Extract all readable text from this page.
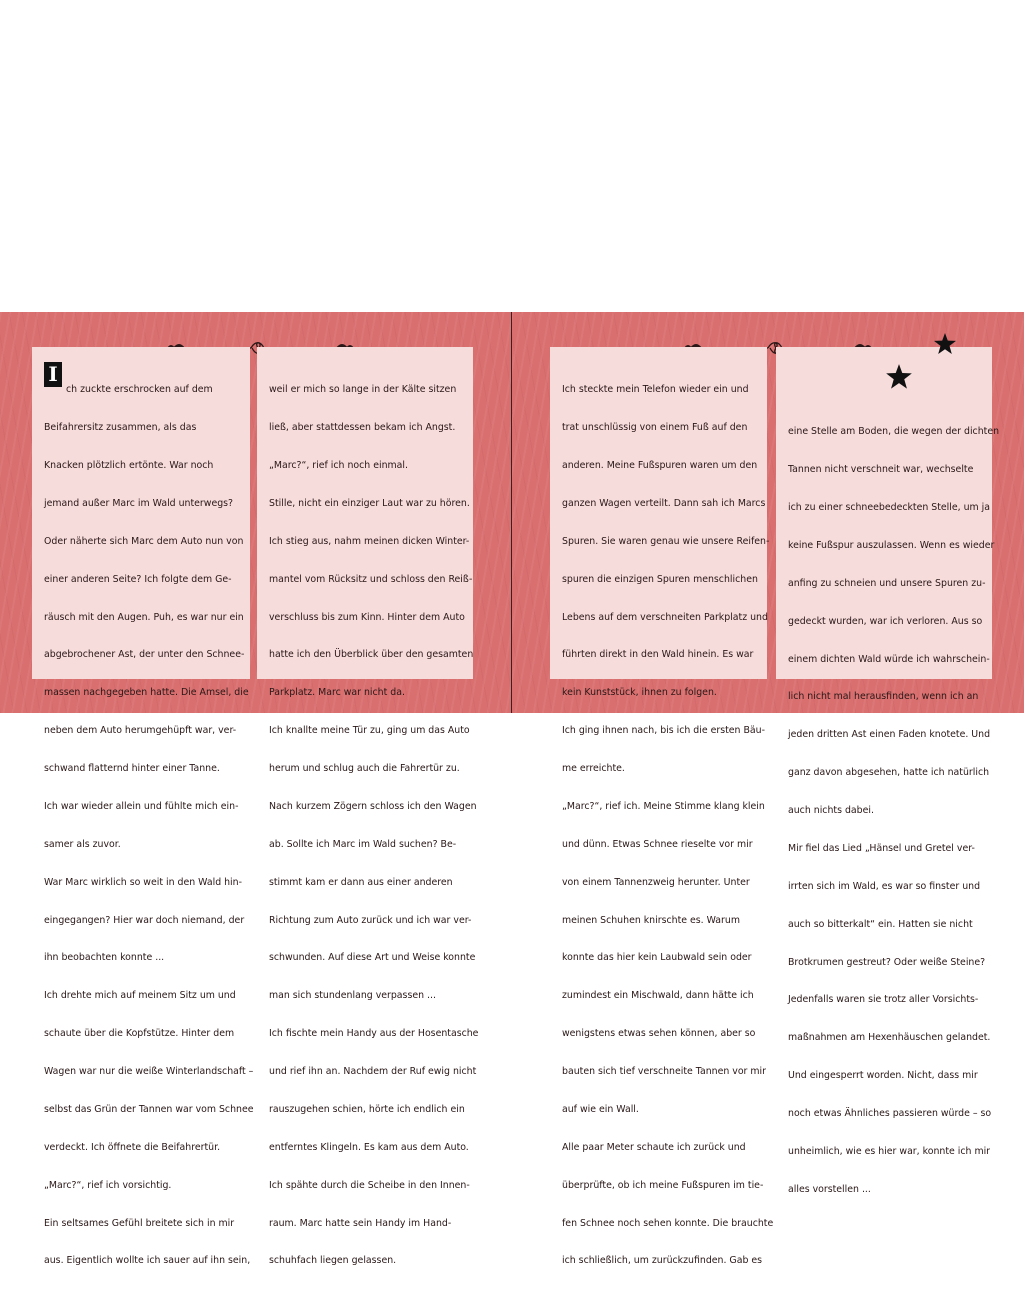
I

ch zuckte erschrocken auf dem

Beifahrersitz zusammen, als das

Knacken plötzlich ertönte. War noch

jemand außer Marc im Wald unterwegs?

Oder näherte sich Marc dem Auto nun von

einer anderen Seite? Ich folgte dem Ge-

räusch mit den Augen. Puh, es war nur ein

abgebrochener Ast, der unter den Schnee-

massen nachgegeben hatte. Die Amsel, die

neben dem Auto herumgehüpft war, ver-

schwand flatternd hinter einer Tanne.

Ich war wieder allein und fühlte mich ein-

samer als zuvor.

War Marc wirklich so weit in den Wald hin-

eingegangen? Hier war doch niemand, der

ihn beobachten konnte ...

Ich drehte mich auf meinem Sitz um und

schaute über die Kopfstütze. Hinter dem

Wagen war nur die weiße Winterlandschaft –

selbst das Grün der Tannen war vom Schnee

verdeckt. Ich öffnete die Beifahrertür.

„Marc?“, rief ich vorsichtig.

Ein seltsames Gefühl breitete sich in mir

aus. Eigentlich wollte ich sauer auf ihn sein,

weil er mich so lange in der Kälte sitzen

ließ, aber stattdessen bekam ich Angst.

„Marc?“, rief ich noch einmal.

Stille, nicht ein einziger Laut war zu hören.

Ich stieg aus, nahm meinen dicken Winter-

mantel vom Rücksitz und schloss den Reiß-

verschluss bis zum Kinn. Hinter dem Auto

hatte ich den Überblick über den gesamten

Parkplatz. Marc war nicht da.

Ich knallte meine Tür zu, ging um das Auto

herum und schlug auch die Fahrertür zu.

Nach kurzem Zögern schloss ich den Wagen

ab. Sollte ich Marc im Wald suchen? Be-

stimmt kam er dann aus einer anderen

Richtung zum Auto zurück und ich war ver-

schwunden. Auf diese Art und Weise konnte

man sich stundenlang verpassen ...

Ich fischte mein Handy aus der Hosentasche

und rief ihn an. Nachdem der Ruf ewig nicht

rauszugehen schien, hörte ich endlich ein

entferntes Klingeln. Es kam aus dem Auto.

Ich spähte durch die Scheibe in den Innen-

raum. Marc hatte sein Handy im Hand-

schuhfach liegen gelassen.

Ich steckte mein Telefon wieder ein und

trat unschlüssig von einem Fuß auf den

anderen. Meine Fußspuren waren um den

ganzen Wagen verteilt. Dann sah ich Marcs

Spuren. Sie waren genau wie unsere Reifen-

spuren die einzigen Spuren menschlichen

Lebens auf dem verschneiten Parkplatz und

führten direkt in den Wald hinein. Es war

kein Kunststück, ihnen zu folgen.

Ich ging ihnen nach, bis ich die ersten Bäu-

me erreichte.

„Marc?“, rief ich. Meine Stimme klang klein

und dünn. Etwas Schnee rieselte vor mir

von einem Tannenzweig herunter. Unter

meinen Schuhen knirschte es. Warum

konnte das hier kein Laubwald sein oder

zumindest ein Mischwald, dann hätte ich

wenigstens etwas sehen können, aber so

bauten sich tief verschneite Tannen vor mir

auf wie ein Wall.

Alle paar Meter schaute ich zurück und

überprüfte, ob ich meine Fußspuren im tie-

fen Schnee noch sehen konnte. Die brauchte

ich schließlich, um zurückzufinden. Gab es

eine Stelle am Boden, die wegen der dichten

Tannen nicht verschneit war, wechselte

ich zu einer schneebedeckten Stelle, um ja

keine Fußspur auszulassen. Wenn es wieder

anfing zu schneien und unsere Spuren zu-

gedeckt wurden, war ich verloren. Aus so

einem dichten Wald würde ich wahrschein-

lich nicht mal herausfinden, wenn ich an

jeden dritten Ast einen Faden knotete. Und

ganz davon abgesehen, hatte ich natürlich

auch nichts dabei.

Mir fiel das Lied „Hänsel und Gretel ver-

irrten sich im Wald, es war so finster und

auch so bitterkalt“ ein. Hatten sie nicht

Brotkrumen gestreut? Oder weiße Steine?

Jedenfalls waren sie trotz aller Vorsichts-

maßnahmen am Hexenhäuschen gelandet.

Und eingesperrt worden. Nicht, dass mir

noch etwas Ähnliches passieren würde – so

unheimlich, wie es hier war, konnte ich mir

alles vorstellen ...
